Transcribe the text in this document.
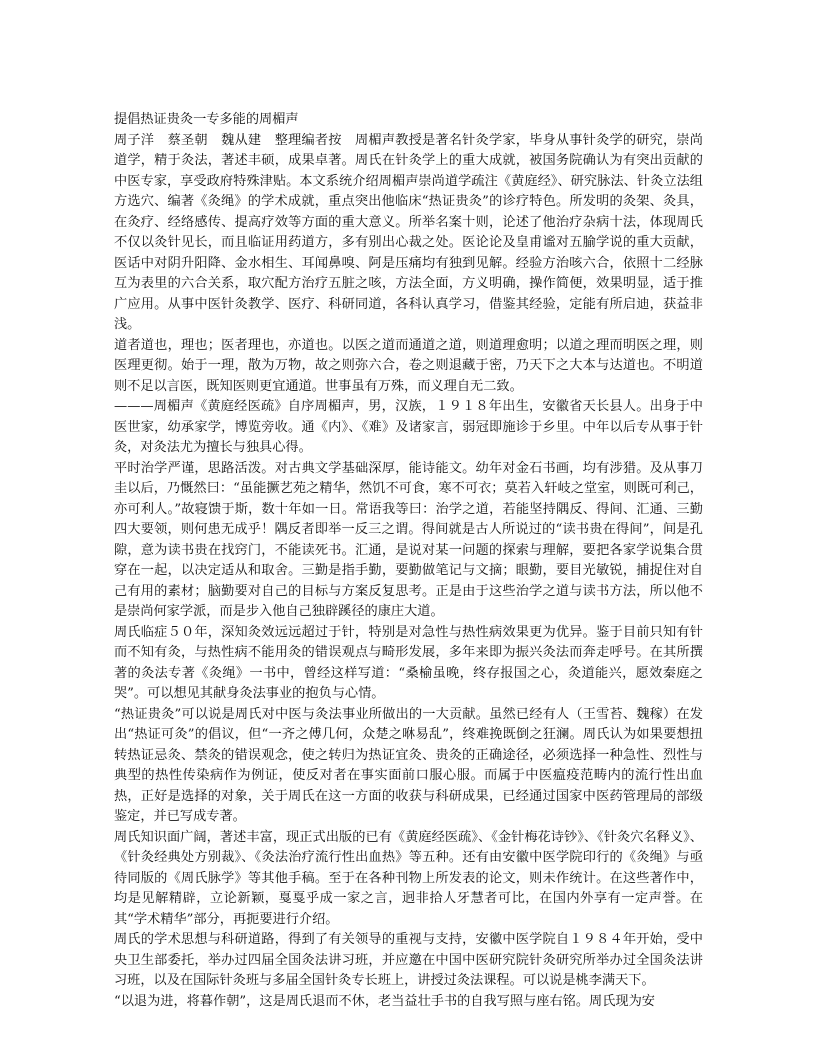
提倡热证贵灸一专多能的周楣声

周子洋　蔡圣朝　魏从建　整理编者按　周楣声教授是著名针灸学家，毕身从事针灸学的研究，崇尚道学，精于灸法，著述丰硕，成果卓著。周氏在针灸学上的重大成就，被国务院确认为有突出贡献的中医专家，享受政府特殊津贴。本文系统介绍周楣声崇尚道学疏注《黄庭经》、研究脉法、针灸立法组方选穴、编著《灸绳》的学术成就，重点突出他临床“热证贵灸”的诊疗特色。所发明的灸架、灸具，在灸疗、经络感传、提高疗效等方面的重大意义。所举名案十则，论述了他治疗杂病十法，体现周氏不仅以灸针见长，而且临证用药道方，多有别出心裁之处。医论论及皇甫谧对五腧学说的重大贡献，医话中对阴升阳降、金水相生、耳闻鼻嗅、阿是压痛均有独到见解。经验方治咳六合，依照十二经脉互为表里的六合关系，取穴配方治疗五脏之咳，方法全面，方义明确，操作简便，效果明显，适于推广应用。从事中医针灸教学、医疗、科研同道，各科认真学习，借鉴其经验，定能有所启迪，获益非浅。

道者道也，理也；医者理也，亦道也。以医之道而通道之道，则道理愈明；以道之理而明医之理，则医理更彻。始于一理，散为万物，故之则弥六合，卷之则退藏于密，乃天下之大本与达道也。不明道则不足以言医，既知医则更宜通道。世事虽有万殊，而义理自无二致。

———周楣声《黄庭经医疏》自序周楣声，男，汉族，１９１８年出生，安徽省天长县人。出身于中医世家，幼承家学，博览旁收。通《内》、《难》及诸家言，弱冠即施诊于乡里。中年以后专从事于针灸，对灸法尤为擅长与独具心得。

平时治学严谨，思路活泼。对古典文学基础深厚，能诗能文。幼年对金石书画，均有涉猎。及从事刀圭以后，乃慨然曰：“虽能撅艺苑之精华，然饥不可食，寒不可衣；莫若入轩岐之堂室，则既可利己，亦可利人。”故寝馈于斯，数十年如一日。常语我等曰：治学之道，若能坚持隅反、得间、汇通、三勤四大要领，则何患无成乎！隅反者即举一反三之谓。得间就是古人所说过的“读书贵在得间”，间是孔隙，意为读书贵在找窍门，不能读死书。汇通，是说对某一问题的探索与理解，要把各家学说集合贯穿在一起，以决定适从和取舍。三勤是指手勤，要勤做笔记与文摘；眼勤，要目光敏锐，捕捉住对自己有用的素材；脑勤要对自己的目标与方案反复思考。正是由于这些治学之道与读书方法，所以他不是崇尚何家学派，而是步入他自己独辟蹊径的康庄大道。

周氏临症５０年，深知灸效远远超过于针，特别是对急性与热性病效果更为优异。鉴于目前只知有针而不知有灸，与热性病不能用灸的错误观点与畸形发展，多年来即为振兴灸法而奔走呼号。在其所撰著的灸法专著《灸绳》一书中，曾经这样写道：“桑榆虽晚，终存报国之心，灸道能兴，愿效秦庭之哭”。可以想见其献身灸法事业的抱负与心情。

“热证贵灸”可以说是周氏对中医与灸法事业所做出的一大贡献。虽然已经有人（王雪苔、魏稼）在发出“热证可灸”的倡议，但“一齐之傅几何，众楚之咻易乱”，终难挽既倒之狂澜。周氏认为如果要想扭转热证忌灸、禁灸的错误观念，使之转归为热证宜灸、贵灸的正确途径，必须选择一种急性、烈性与典型的热性传染病作为例证，使反对者在事实面前口服心服。而属于中医瘟疫范畴内的流行性出血热，正好是选择的对象，关于周氏在这一方面的收获与科研成果，已经通过国家中医药管理局的部级鉴定，并已写成专著。

周氏知识面广阔，著述丰富，现正式出版的已有《黄庭经医疏》、《金针梅花诗钞》、《针灸穴名释义》、《针灸经典处方别裁》、《灸法治疗流行性出血热》等五种。还有由安徽中医学院印行的《灸绳》与亟待同版的《周氏脉学》等其他手稿。至于在各种刊物上所发表的论文，则未作统计。在这些著作中，均是见解精辟，立论新颖，戛戛乎成一家之言，迥非拾人牙慧者可比，在国内外享有一定声誉。在其“学术精华”部分，再扼要进行介绍。

周氏的学术思想与科研道路，得到了有关领导的重视与支持，安徽中医学院自１９８４年开始，受中央卫生部委托，举办过四届全国灸法讲习班，并应邀在中国中医研究院针灸研究所举办过全国灸法讲习班，以及在国际针灸班与多届全国针灸专长班上，讲授过灸法课程。可以说是桃李满天下。

“以退为进，将暮作朝”，这是周氏退而不休，老当益壮手书的自我写照与座右铭。周氏现为安
